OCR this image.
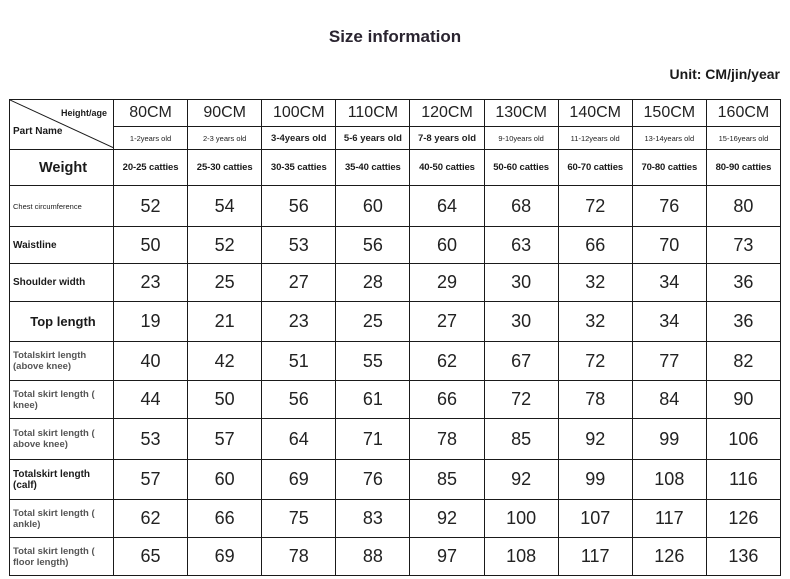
Size information
Unit: CM/jin/year
Height/age
Part Name	80CM	90CM	100CM	110CM	120CM	130CM	140CM	150CM	160CM
	1-2years old	2-3 years old	3-4years old	5-6 years old	7-8 years old	9-10years old	11-12years old	13-14years old	15-16years old
Weight	20-25 catties	25-30 catties	30-35 catties	35-40 catties	40-50 catties	50-60 catties	60-70 catties	70-80 catties	80-90 catties
Chest circumference	52	54	56	60	64	68	72	76	80
Waistline	50	52	53	56	60	63	66	70	73
Shoulder width	23	25	27	28	29	30	32	34	36
Top length	19	21	23	25	27	30	32	34	36
Totalskirt length (above knee)	40	42	51	55	62	67	72	77	82
Total skirt length ( knee)	44	50	56	61	66	72	78	84	90
Total skirt length ( above knee)	53	57	64	71	78	85	92	99	106
Totalskirt length (calf)	57	60	69	76	85	92	99	108	116
Total skirt length ( ankle)	62	66	75	83	92	100	107	117	126
Total skirt length ( floor length)	65	69	78	88	97	108	117	126	136
